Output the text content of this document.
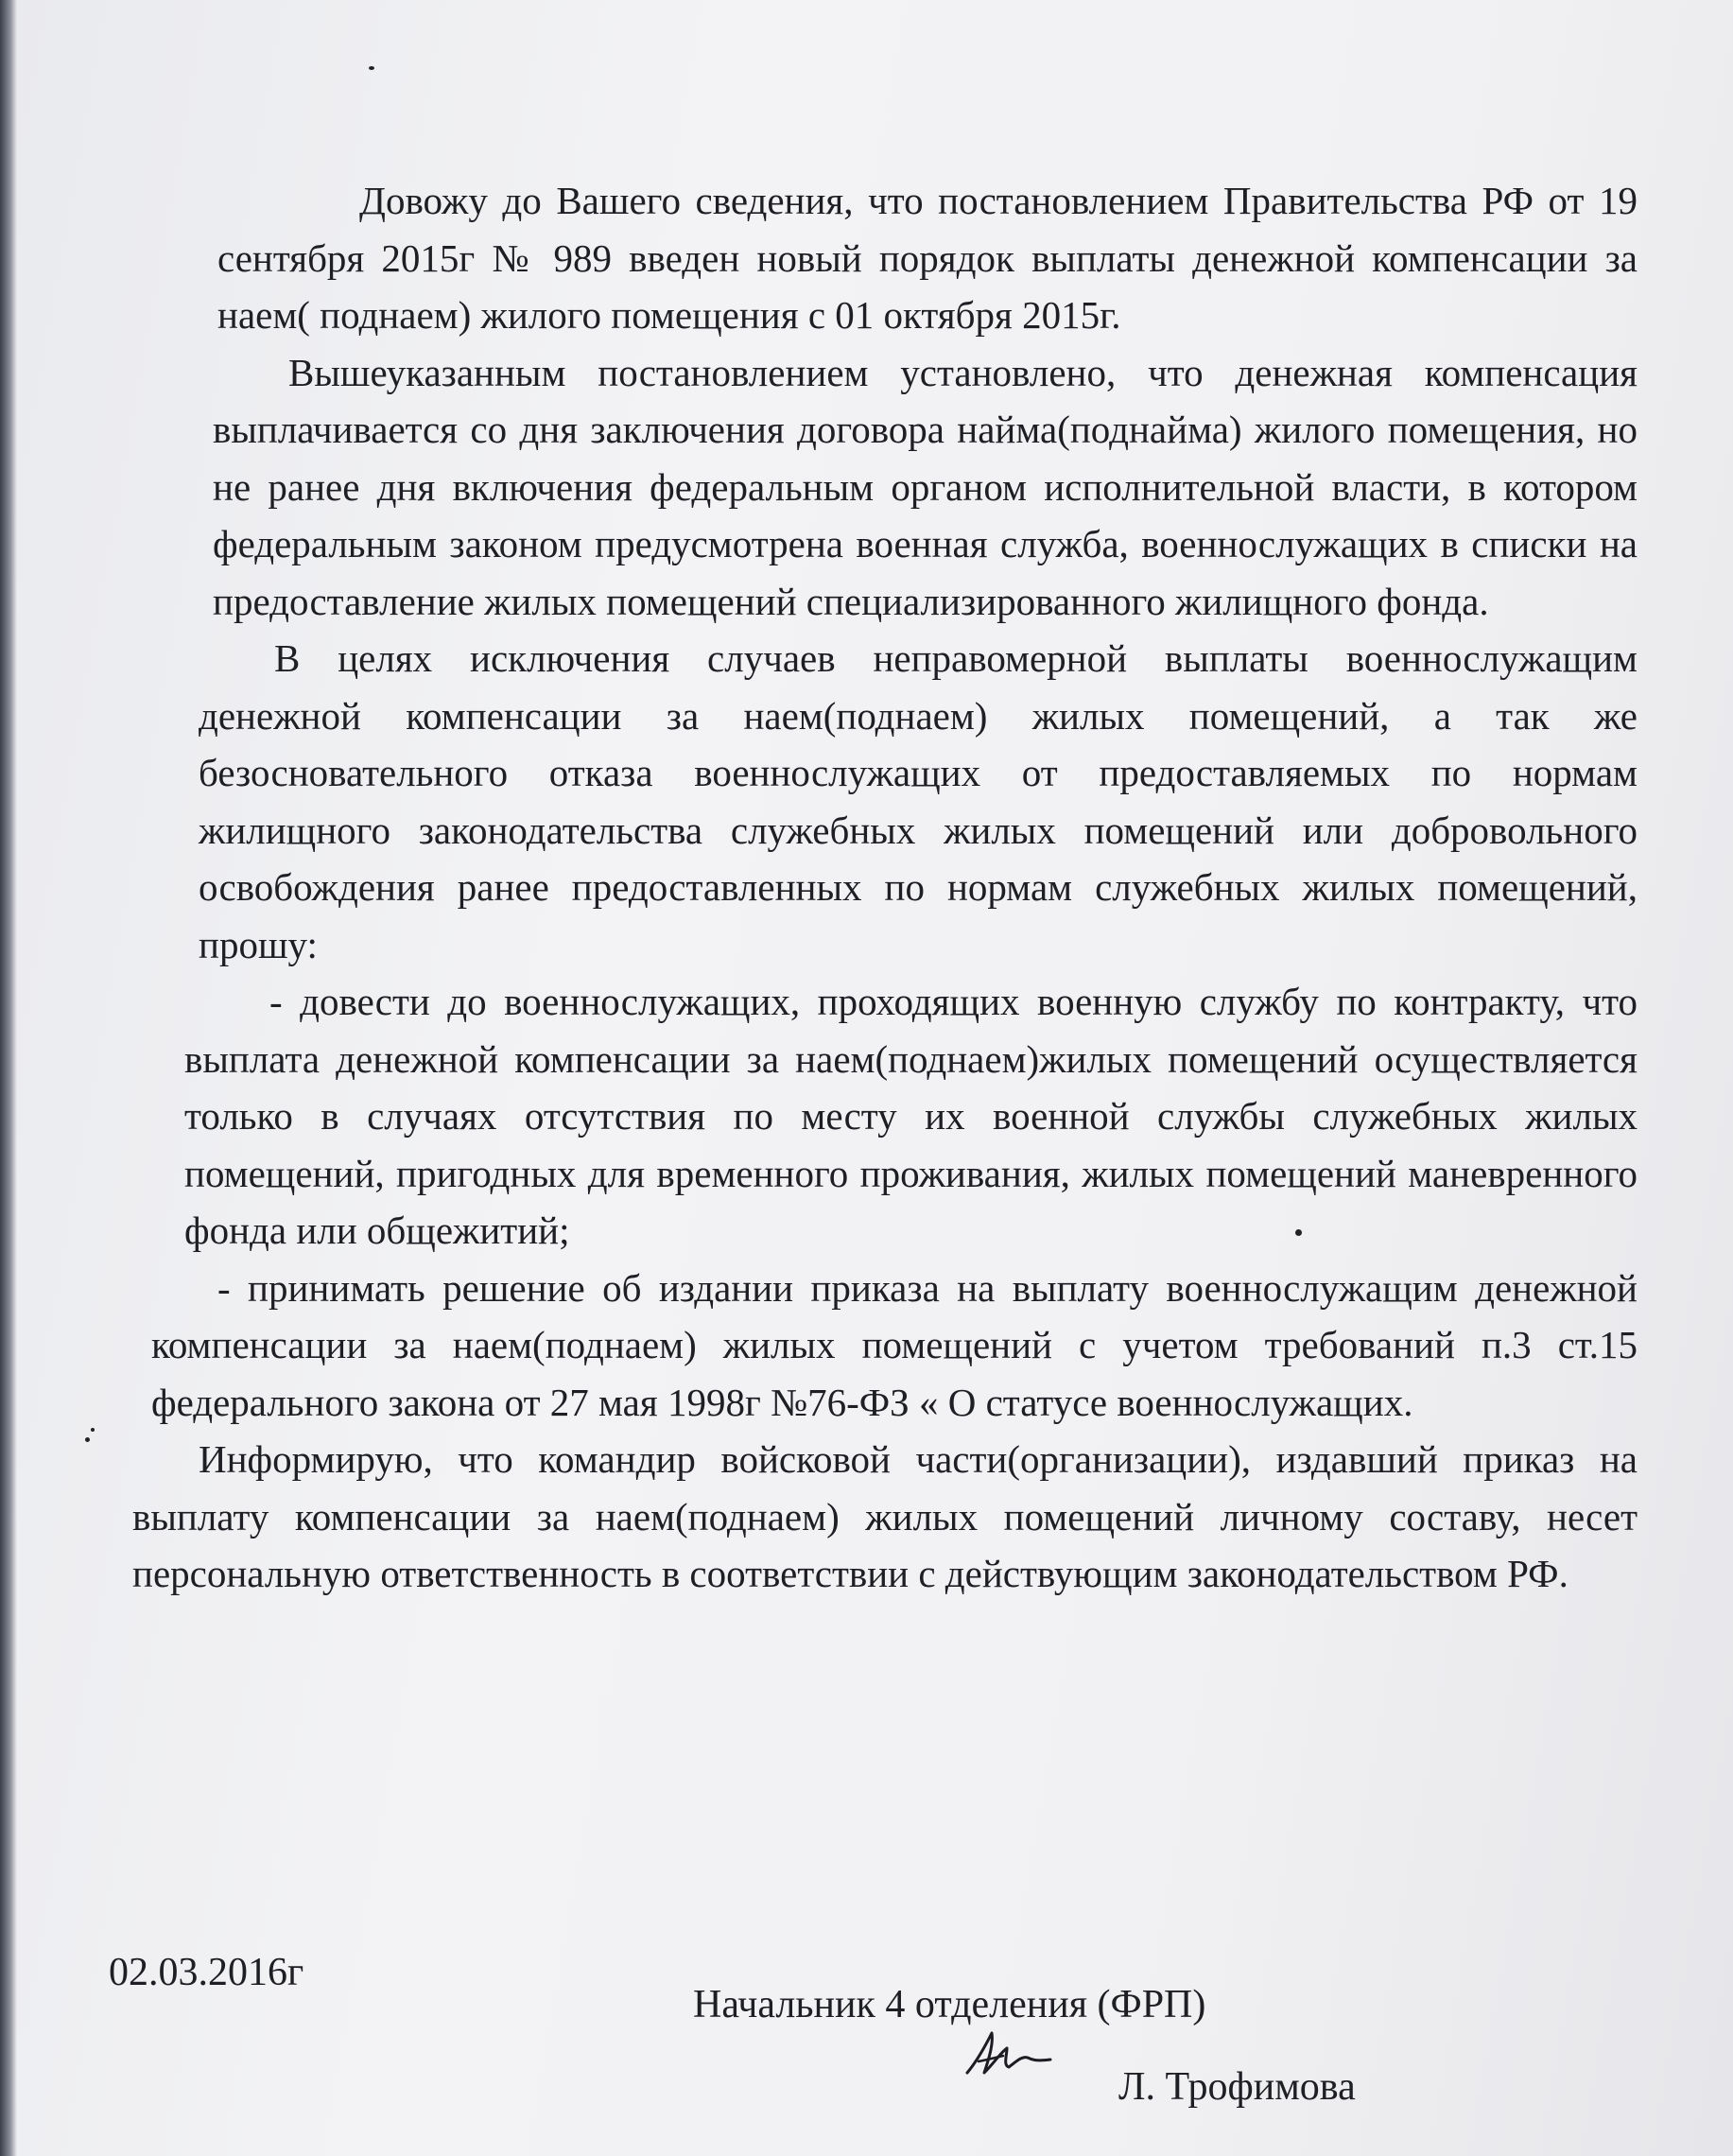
Довожу до Вашего сведения, что постановлением Правительства РФ от 19 сентября 2015г № 989 введен новый порядок выплаты денежной компенсации за наем( поднаем) жилого помещения с 01 октября 2015г.

Вышеуказанным постановлением установлено, что денежная компенсация выплачивается со дня заключения договора найма(поднайма) жилого помещения, но не ранее дня включения федеральным органом исполнительной власти, в котором федеральным законом предусмотрена военная служба, военнослужащих в списки на предоставление жилых помещений специализированного жилищного фонда.

В целях исключения случаев неправомерной выплаты военнослужащим денежной компенсации за наем(поднаем) жилых помещений, а так же безосновательного отказа военнослужащих от предоставляемых по нормам жилищного законодательства служебных жилых помещений или добровольного освобождения ранее предоставленных по нормам служебных жилых помещений, прошу:

- довести до военнослужащих, проходящих военную службу по контракту, что выплата денежной компенсации за наем(поднаем)жилых помещений осуществляется только в случаях отсутствия по месту их военной службы служебных жилых помещений, пригодных для временного проживания, жилых помещений маневренного фонда или общежитий;

- принимать решение об издании приказа на выплату военнослужащим денежной компенсации за наем(поднаем) жилых помещений с учетом требований п.3 ст.15 федерального закона от 27 мая 1998г №76-ФЗ « О статусе военнослужащих.

Информирую, что командир войсковой части(организации), издавший приказ на выплату компенсации за наем(поднаем) жилых помещений личному составу, несет персональную ответственность в соответствии с действующим законодательством РФ.

02.03.2016г
Начальник 4 отделения (ФРП)
Л. Трофимова
